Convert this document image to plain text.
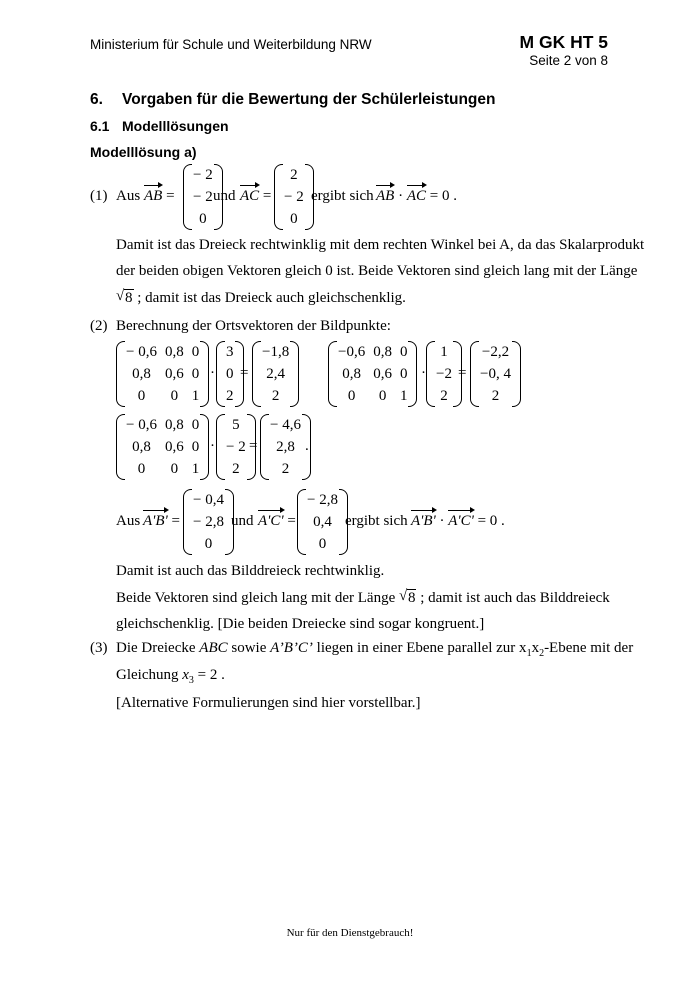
Ministerium für Schule und Weiterbildung NRW	M GK HT 5
Seite 2 von 8
6. Vorgaben für die Bewertung der Schülerleistungen
6.1 Modelllösungen
Modelllösung a)
(1) Aus AB =
− 2
− 2
0
und AC =
2
− 2
0
ergibt sich AB · AC = 0 .
Damit ist das Dreieck rechtwinklig mit dem rechten Winkel bei A, da das Skalarprodukt
der beiden obigen Vektoren gleich 0 ist. Beide Vektoren sind gleich lang mit der Länge
√ 8 ; damit ist das Dreieck auch gleichschenklig.
(2) Berechnung der Ortsvektoren der Bildpunkte:
− 0,6	0,8	0
0,8	0,6	0
0	0	1
·
3
0
2
=
−1,8
2,4
2
−0,6	0,8	0
0,8	0,6	0
0	0	1
·
1
−2
2
=
−2,2
−0, 4
2
− 0,6	0,8	0
0,8	0,6	0
0	0	1
·
5
− 2
2
=
− 4,6
2,8
2
.
Aus A'B' =
− 0,4
− 2,8
0
und A'C' =
− 2,8
0,4
0
ergibt sich A'B' · A'C' = 0 .
Damit ist auch das Bilddreieck rechtwinklig.
Beide Vektoren sind gleich lang mit der Länge √ 8 ; damit ist auch das Bilddreieck
gleichschenklig. [Die beiden Dreiecke sind sogar kongruent.]
(3) Die Dreiecke ABC sowie A’B’C’ liegen in einer Ebene parallel zur $x_1x_2$-Ebene mit der
Gleichung $x_3 = 2$ .
[Alternative Formulierungen sind hier vorstellbar.]
Nur für den Dienstgebrauch!
